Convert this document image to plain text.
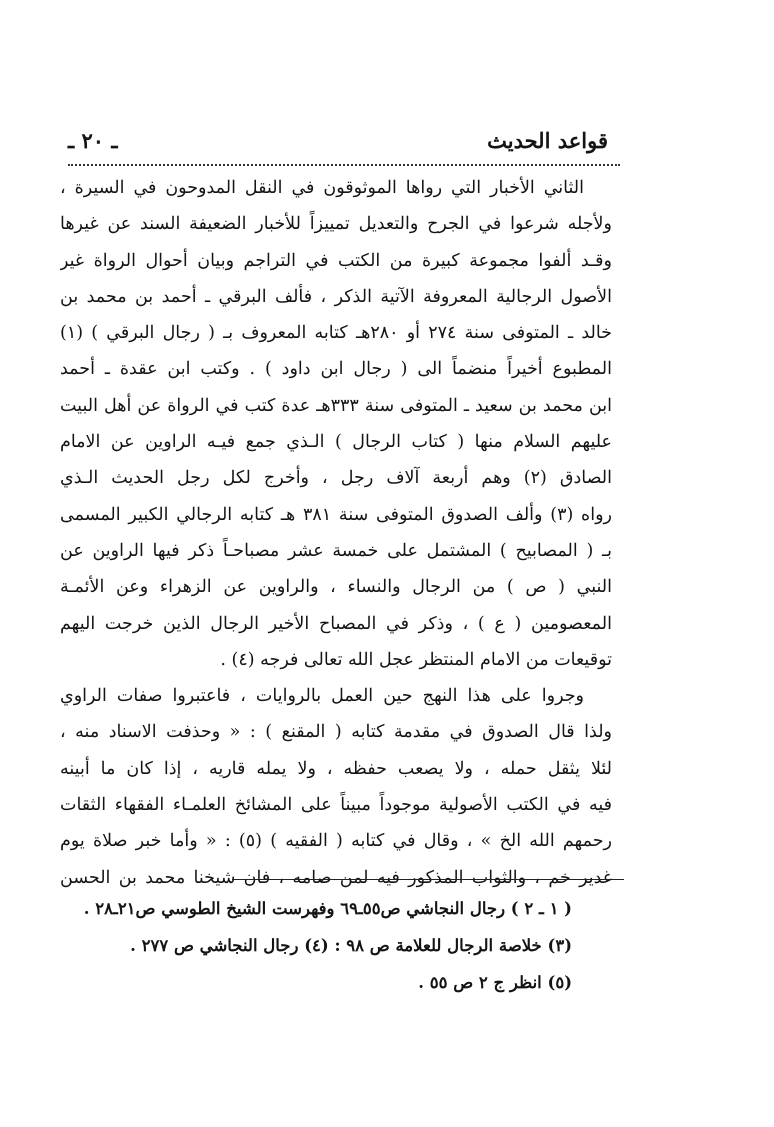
قواعد الحديث
ـ ٢٠ ـ
الثاني الأخبار التي رواها الموثوقون في النقل المدوحون في السيرة ،
ولأجله شرعوا في الجرح والتعديل تمييزاً للأخبار الضعيفة السند عن غيرها
وقـد ألفوا مجموعة كبيرة من الكتب في التراجم وبيان أحوال الرواة غير
الأصول الرجالية المعروفة الآتية الذكر ، فألف البرقي ـ أحمد بن محمد بن
خالد ـ المتوفى سنة ٢٧٤ أو ٢٨٠هـ كتابه المعروف بـ ( رجال البرقي ) (١)
المطبوع أخيراً منضماً الى ( رجال ابن داود ) . وكتب ابن عقدة ـ أحمد
ابن محمد بن سعيد ـ المتوفى سنة ٣٣٣هـ عدة كتب في الرواة عن أهل البيت
عليهم السلام منها ( كتاب الرجال ) الـذي جمع فيـه الراوين عن الامام
الصادق (٢) وهم أربعة آلاف رجل ، وأخرج لكل رجل الحديث الـذي
رواه (٣) وألف الصدوق المتوفى سنة ٣٨١ هـ كتابه الرجالي الكبير المسمى
بـ ( المصابيح ) المشتمل على خمسة عشر مصباحـاً ذكر فيها الراوين عن
النبي ( ص ) من الرجال والنساء ، والراوين عن الزهراء وعن الأئمـة
المعصومين ( ع ) ، وذكر في المصباح الأخير الرجال الذين خرجت اليهم
توقيعات من الامام المنتظر عجل الله تعالى فرجه (٤) .
وجروا على هذا النهج حين العمل بالروايات ، فاعتبروا صفات الراوي
ولذا قال الصدوق في مقدمة كتابه ( المقنع ) : « وحذفت الاسناد منه ،
لئلا يثقل حمله ، ولا يصعب حفظه ، ولا يمله قاريه ، إذا كان ما أبينه
فيه في الكتب الأصولية موجوداً مبيناً على المشائخ العلمـاء الفقهاء الثقات
رحمهم الله الخ » ، وقال في كتابه ( الفقيه ) (٥) : « وأما خبر صلاة يوم
غدير خم ، والثواب المذكور فيه لمن صامه ، فان شيخنا محمد بن الحسن
( ١ ـ ٢ ) رجال النجاشي ص٥٥ـ٦٩ وفهرست الشيخ الطوسي ص٢١ـ٢٨ .
(٣) خلاصة الرجال للعلامة ص ٩٨ : (٤) رجال النجاشي ص ٢٧٧ .
(٥) انظر ج ٢ ص ٥٥ .
